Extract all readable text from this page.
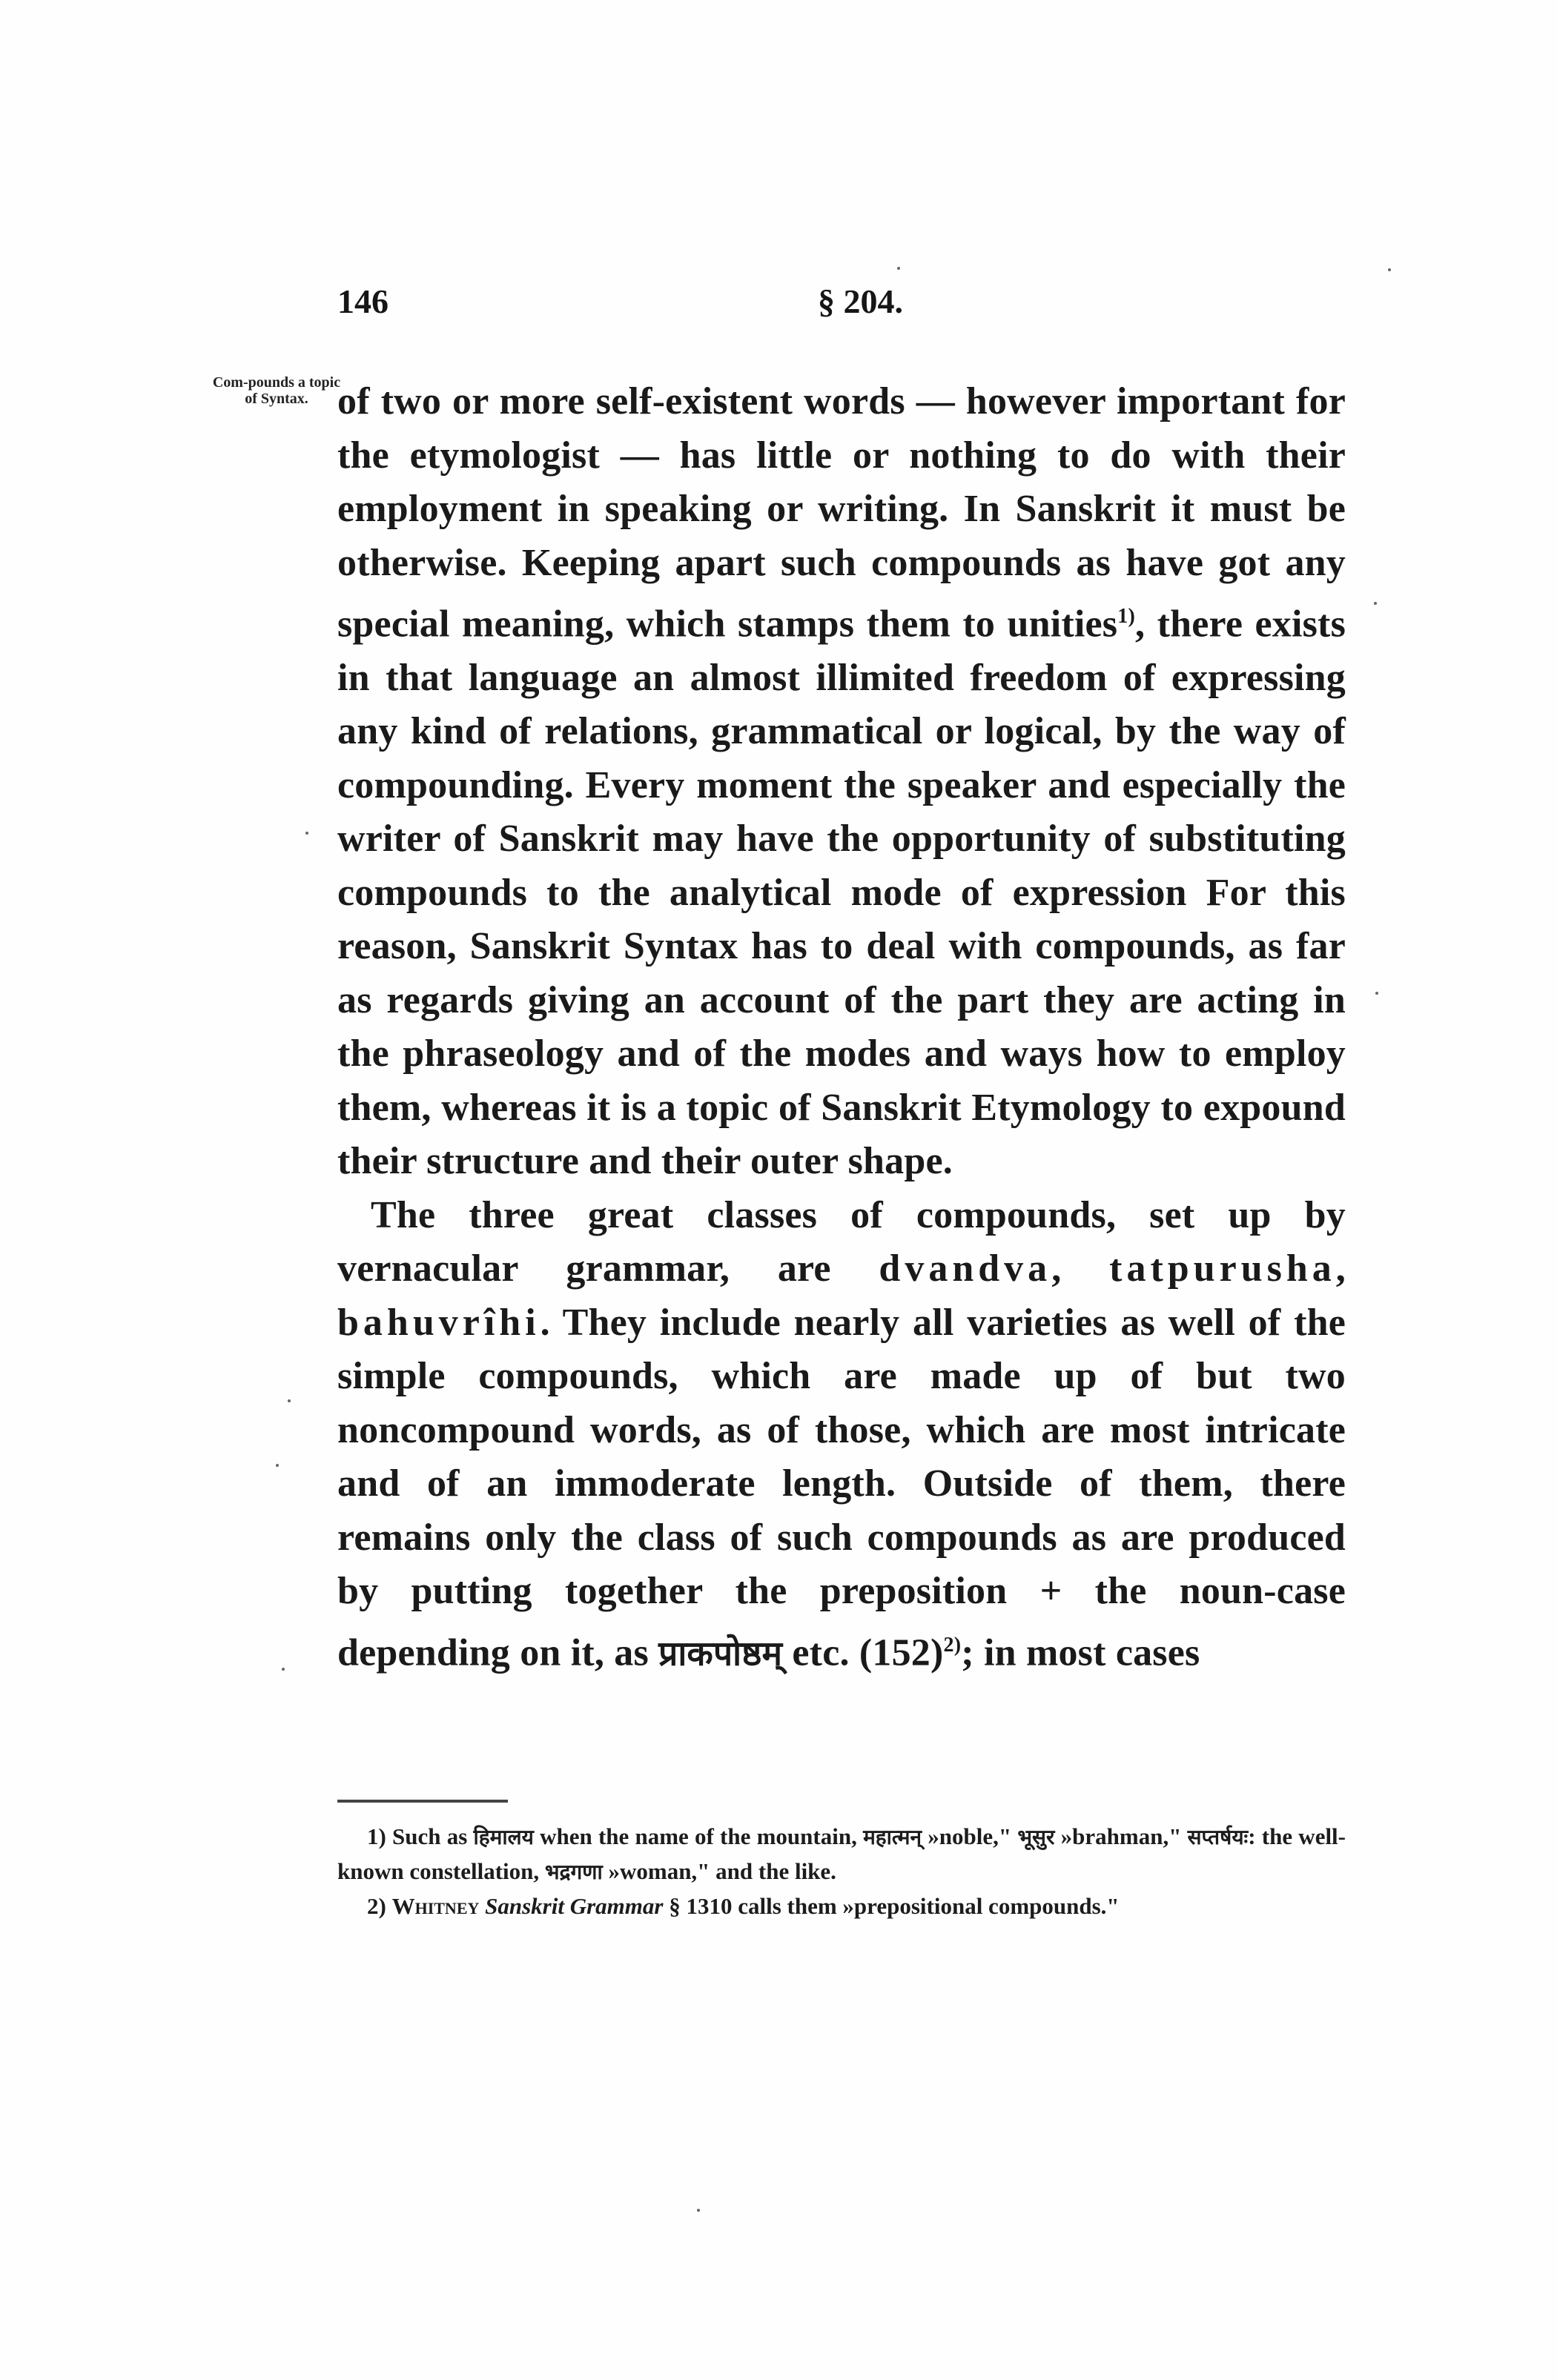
146	§ 204.
Com-pounds a topic of Syntax. of two or more self-existent words — however important for the etymologist — has little or nothing to do with their employment in speaking or writing. In Sanskrit it must be otherwise. Keeping apart such compounds as have got any special meaning, which stamps them to unities$^{1)}$, there exists in that language an almost illimited freedom of expressing any kind of relations, grammatical or logical, by the way of compounding. Every moment the speaker and especially the writer of Sanskrit may have the opportunity of substituting compounds to the analytical mode of expression For this reason, Sanskrit Syntax has to deal with compounds, as far as regards giving an account of the part they are acting in the phraseology and of the modes and ways how to employ them, whereas it is a topic of Sanskrit Etymology to expound their structure and their outer shape.

The three great classes of compounds, set up by vernacular grammar, are dvandva, tatpurusha, bahuvrîhi. They include nearly all varieties as well of the simple compounds, which are made up of but two noncompound words, as of those, which are most intricate and of an immoderate length. Outside of them, there remains only the class of such compounds as are produced by putting together the preposition + the noun-case depending on it, as प्राकपोष्ठम् etc. $(152)^{2)}$; in most cases

1) Such as हिमालय when the name of the mountain, महात्मन् »noble," भूसुर »brahman," सप्तर्षयः: the well-known constellation, भद्रगणा »woman," and the like.

2) Whitney Sanskrit Grammar § 1310 calls them »prepositional compounds."
